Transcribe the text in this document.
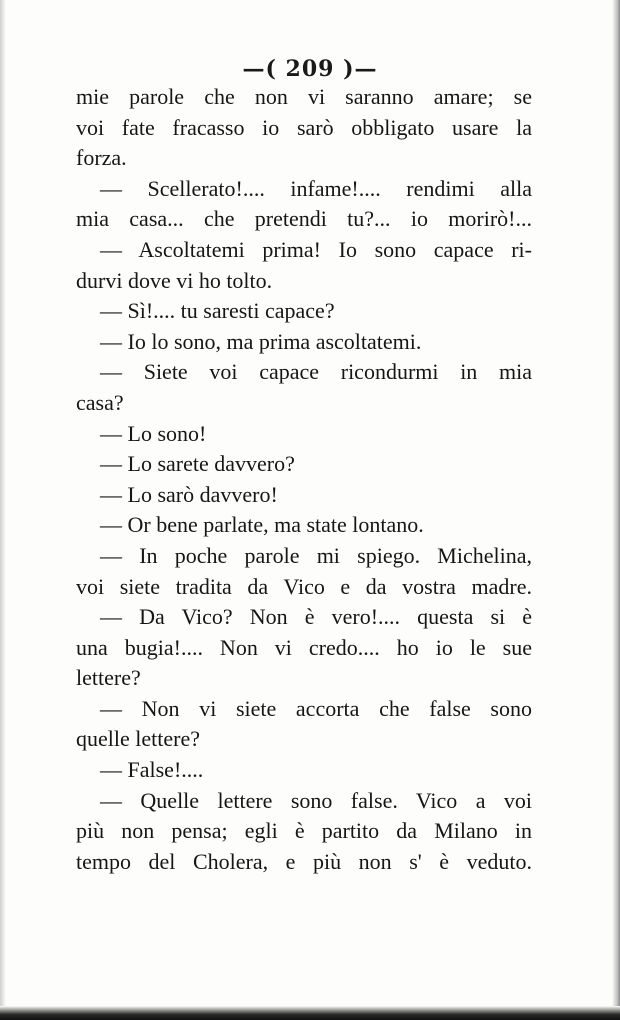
—( 209 )—
mie parole che non vi saranno amare; se
voi fate fracasso io sarò obbligato usare la
forza.
— Scellerato!.... infame!.... rendimi alla
mia casa... che pretendi tu?... io morirò!...
— Ascoltatemi prima! Io sono capace ri-
durvi dove vi ho tolto.
— Sì!.... tu saresti capace?
— Io lo sono, ma prima ascoltatemi.
— Siete voi capace ricondurmi in mia
casa?
— Lo sono!
— Lo sarete davvero?
— Lo sarò davvero!
— Or bene parlate, ma state lontano.
— In poche parole mi spiego. Michelina,
voi siete tradita da Vico e da vostra madre.
— Da Vico? Non è vero!.... questa si è
una bugia!.... Non vi credo.... ho io le sue
lettere?
— Non vi siete accorta che false sono
quelle lettere?
— False!....
— Quelle lettere sono false. Vico a voi
più non pensa; egli è partito da Milano in
tempo del Cholera, e più non s' è veduto.
